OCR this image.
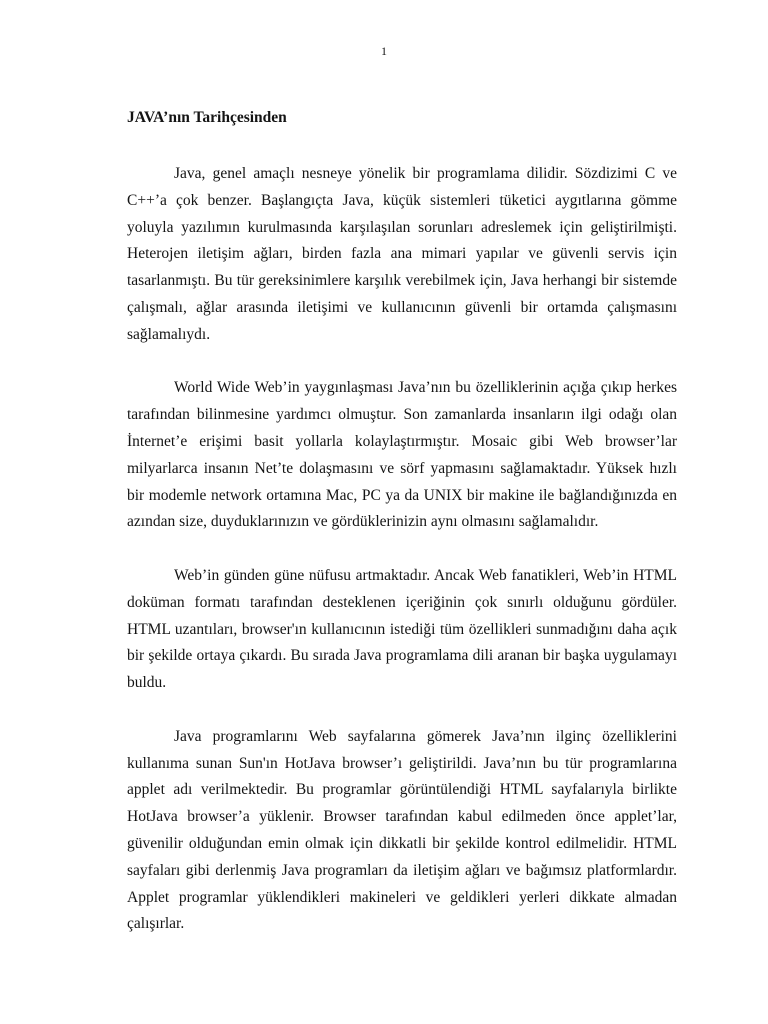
1
JAVA’nın Tarihçesinden

Java, genel amaçlı nesneye yönelik bir programlama dilidir. Sözdizimi C ve C++’a çok benzer. Başlangıçta Java, küçük sistemleri tüketici aygıtlarına gömme yoluyla yazılımın kurulmasında karşılaşılan sorunları adreslemek için geliştirilmişti. Heterojen iletişim ağları, birden fazla ana mimari yapılar ve güvenli servis için tasarlanmıştı. Bu tür gereksinimlere karşılık verebilmek için, Java herhangi bir sistemde çalışmalı, ağlar arasında iletişimi ve kullanıcının güvenli bir ortamda çalışmasını sağlamalıydı.

World Wide Web’in yaygınlaşması Java’nın bu özelliklerinin açığa çıkıp herkes tarafından bilinmesine yardımcı olmuştur. Son zamanlarda insanların ilgi odağı olan İnternet’e erişimi basit yollarla kolaylaştırmıştır. Mosaic gibi Web browser’lar milyarlarca insanın Net’te dolaşmasını ve sörf yapmasını sağlamaktadır. Yüksek hızlı bir modemle network ortamına Mac, PC ya da UNIX bir makine ile bağlandığınızda en azından size, duyduklarınızın ve gördüklerinizin aynı olmasını sağlamalıdır.

Web’in günden güne nüfusu artmaktadır. Ancak Web fanatikleri, Web’in HTML doküman formatı tarafından desteklenen içeriğinin çok sınırlı olduğunu gördüler. HTML uzantıları, browser'ın kullanıcının istediği tüm özellikleri sunmadığını daha açık bir şekilde ortaya çıkardı. Bu sırada Java programlama dili aranan bir başka uygulamayı buldu.

Java programlarını Web sayfalarına gömerek Java’nın ilginç özelliklerini kullanıma sunan Sun'ın HotJava browser’ı geliştirildi. Java’nın bu tür programlarına applet adı verilmektedir. Bu programlar görüntülendiği HTML sayfalarıyla birlikte HotJava browser’a yüklenir. Browser tarafından kabul edilmeden önce applet’lar, güvenilir olduğundan emin olmak için dikkatli bir şekilde kontrol edilmelidir. HTML sayfaları gibi derlenmiş Java programları da iletişim ağları ve bağımsız platformlardır. Applet programlar yüklendikleri makineleri ve geldikleri yerleri dikkate almadan çalışırlar.
